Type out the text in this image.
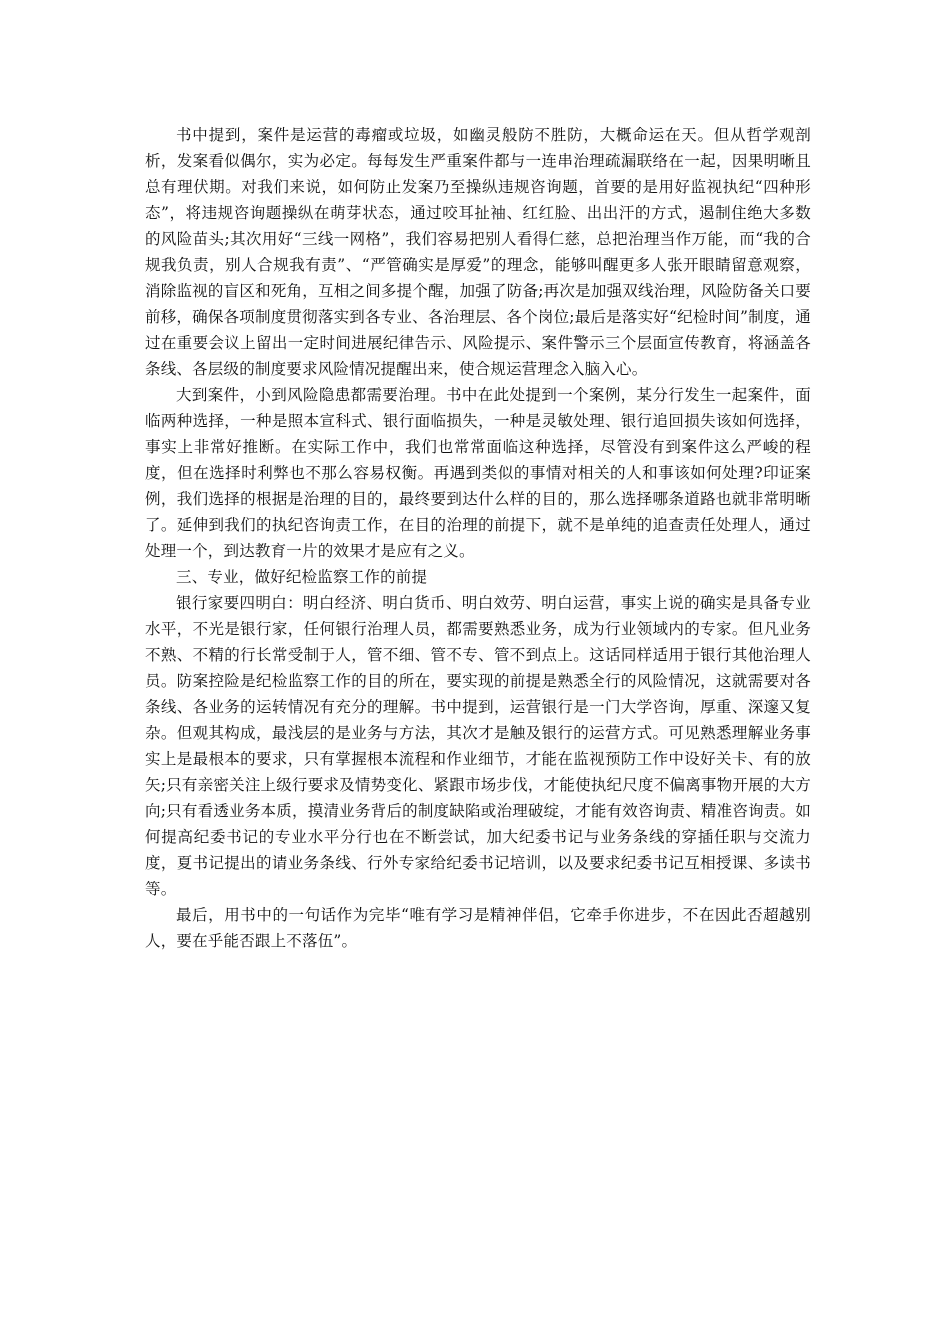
书中提到，案件是运营的毒瘤或垃圾，如幽灵般防不胜防，大概命运在天。但从哲学观剖析，发案看似偶尔，实为必定。每每发生严重案件都与一连串治理疏漏联络在一起，因果明晰且总有理伏期。对我们来说，如何防止发案乃至操纵违规咨询题，首要的是用好监视执纪“四种形态”，将违规咨询题操纵在萌芽状态，通过咬耳扯袖、红红脸、出出汗的方式，遏制住绝大多数的风险苗头;其次用好“三线一网格”，我们容易把别人看得仁慈，总把治理当作万能，而“我的合规我负责，别人合规我有责”、“严管确实是厚爱”的理念，能够叫醒更多人张开眼睛留意观察，消除监视的盲区和死角，互相之间多提个醒，加强了防备;再次是加强双线治理，风险防备关口要前移，确保各项制度贯彻落实到各专业、各治理层、各个岗位;最后是落实好“纪检时间”制度，通过在重要会议上留出一定时间进展纪律告示、风险提示、案件警示三个层面宣传教育，将涵盖各条线、各层级的制度要求风险情况提醒出来，使合规运营理念入脑入心。

大到案件，小到风险隐患都需要治理。书中在此处提到一个案例，某分行发生一起案件，面临两种选择，一种是照本宣科式、银行面临损失，一种是灵敏处理、银行追回损失该如何选择，事实上非常好推断。在实际工作中，我们也常常面临这种选择，尽管没有到案件这么严峻的程度，但在选择时利弊也不那么容易权衡。再遇到类似的事情对相关的人和事该如何处理?印证案例，我们选择的根据是治理的目的，最终要到达什么样的目的，那么选择哪条道路也就非常明晰了。延伸到我们的执纪咨询责工作，在目的治理的前提下，就不是单纯的追查责任处理人，通过处理一个，到达教育一片的效果才是应有之义。

三、专业，做好纪检监察工作的前提

银行家要四明白：明白经济、明白货币、明白效劳、明白运营，事实上说的确实是具备专业水平，不光是银行家，任何银行治理人员，都需要熟悉业务，成为行业领域内的专家。但凡业务不熟、不精的行长常受制于人，管不细、管不专、管不到点上。这话同样适用于银行其他治理人员。防案控险是纪检监察工作的目的所在，要实现的前提是熟悉全行的风险情况，这就需要对各条线、各业务的运转情况有充分的理解。书中提到，运营银行是一门大学咨询，厚重、深邃又复杂。但观其构成，最浅层的是业务与方法，其次才是触及银行的运营方式。可见熟悉理解业务事实上是最根本的要求，只有掌握根本流程和作业细节，才能在监视预防工作中设好关卡、有的放矢;只有亲密关注上级行要求及情势变化、紧跟市场步伐，才能使执纪尺度不偏离事物开展的大方向;只有看透业务本质，摸清业务背后的制度缺陷或治理破绽，才能有效咨询责、精准咨询责。如何提高纪委书记的专业水平分行也在不断尝试，加大纪委书记与业务条线的穿插任职与交流力度，夏书记提出的请业务条线、行外专家给纪委书记培训，以及要求纪委书记互相授课、多读书等。

最后，用书中的一句话作为完毕“唯有学习是精神伴侣，它牵手你进步，不在因此否超越别人，要在乎能否跟上不落伍”。
